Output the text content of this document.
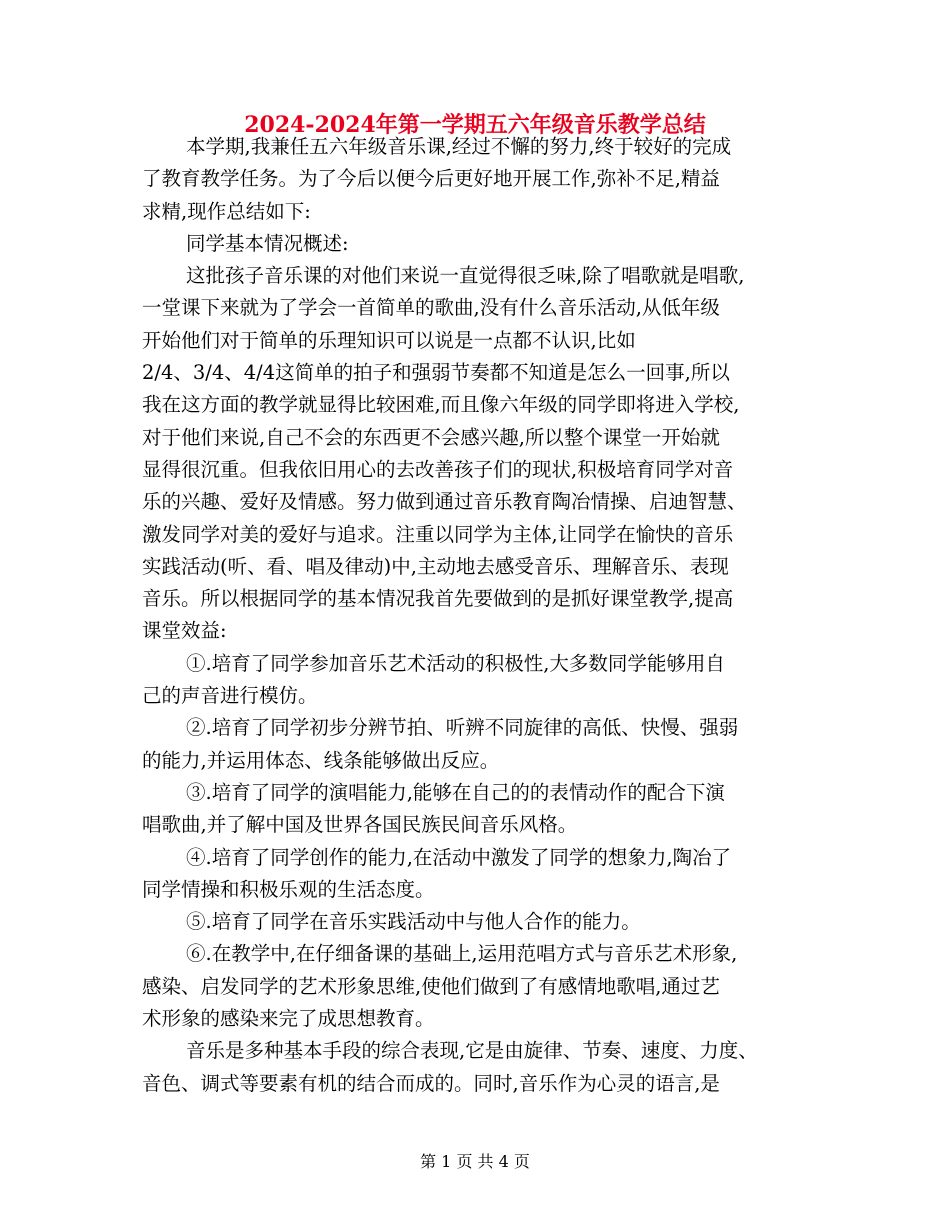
2024-2024年第一学期五六年级音乐教学总结
本学期,我兼任五六年级音乐课,经过不懈的努力,终于较好的完成
了教育教学任务。为了今后以便今后更好地开展工作,弥补不足,精益
求精,现作总结如下:
同学基本情况概述:
这批孩子音乐课的对他们来说一直觉得很乏味,除了唱歌就是唱歌,
一堂课下来就为了学会一首简单的歌曲,没有什么音乐活动,从低年级
开始他们对于简单的乐理知识可以说是一点都不认识,比如
2/4、3/4、4/4这简单的拍子和强弱节奏都不知道是怎么一回事,所以
我在这方面的教学就显得比较困难,而且像六年级的同学即将进入学校,
对于他们来说,自己不会的东西更不会感兴趣,所以整个课堂一开始就
显得很沉重。但我依旧用心的去改善孩子们的现状,积极培育同学对音
乐的兴趣、爱好及情感。努力做到通过音乐教育陶冶情操、启迪智慧、
激发同学对美的爱好与追求。注重以同学为主体,让同学在愉快的音乐
实践活动(听、看、唱及律动)中,主动地去感受音乐、理解音乐、表现
音乐。所以根据同学的基本情况我首先要做到的是抓好课堂教学,提高
课堂效益:
①.培育了同学参加音乐艺术活动的积极性,大多数同学能够用自
己的声音进行模仿。
②.培育了同学初步分辨节拍、听辨不同旋律的高低、快慢、强弱
的能力,并运用体态、线条能够做出反应。
③.培育了同学的演唱能力,能够在自己的的表情动作的配合下演
唱歌曲,并了解中国及世界各国民族民间音乐风格。
④.培育了同学创作的能力,在活动中激发了同学的想象力,陶冶了
同学情操和积极乐观的生活态度。
⑤.培育了同学在音乐实践活动中与他人合作的能力。
⑥.在教学中,在仔细备课的基础上,运用范唱方式与音乐艺术形象,
感染、启发同学的艺术形象思维,使他们做到了有感情地歌唱,通过艺
术形象的感染来完了成思想教育。
音乐是多种基本手段的综合表现,它是由旋律、节奏、速度、力度、
音色、调式等要素有机的结合而成的。同时,音乐作为心灵的语言,是
第 1 页 共 4 页
